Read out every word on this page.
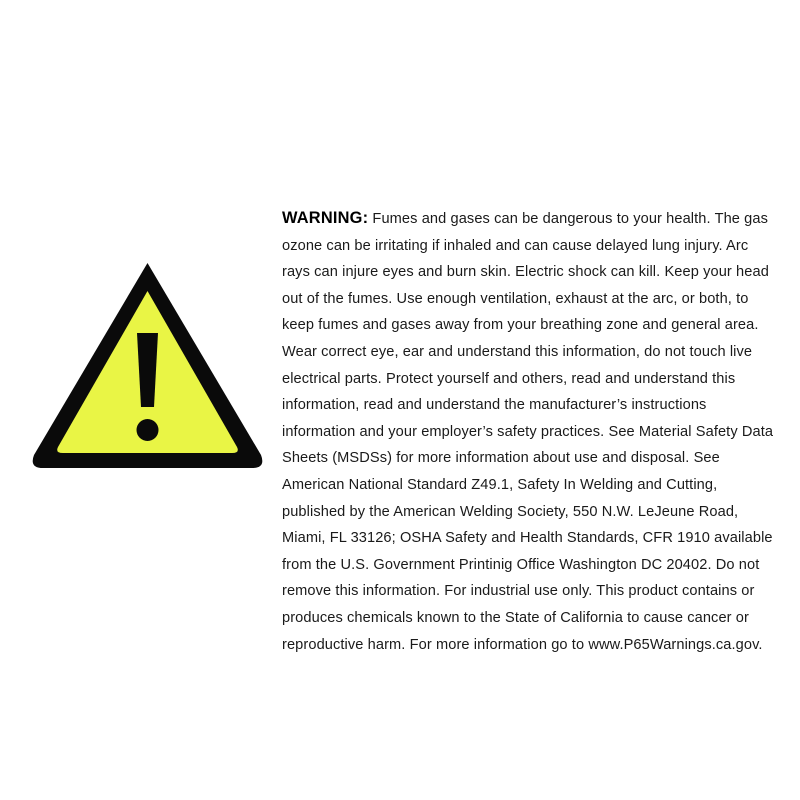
WARNING: Fumes and gases can be dangerous to your health. The gas ozone can be irritating if inhaled and can cause delayed lung injury. Arc rays can injure eyes and burn skin. Electric shock can kill. Keep your head out of the fumes. Use enough ventilation, exhaust at the arc, or both, to keep fumes and gases away from your breathing zone and general area. Wear correct eye, ear and understand this information, do not touch live electrical parts. Protect yourself and others, read and understand this information, read and understand the manufacturer’s instructions information and your employer’s safety practices. See Material Safety Data Sheets (MSDSs) for more information about use and disposal. See American National Standard Z49.1, Safety In Welding and Cutting, published by the American Welding Society, 550 N.W. LeJeune Road, Miami, FL 33126; OSHA Safety and Health Standards, CFR 1910 available from the U.S. Government Printinig Office Washington DC 20402. Do not remove this information. For industrial use only. This product contains or produces chemicals known to the State of California to cause cancer or reproductive harm. For more information go to www.P65Warnings.ca.gov.
